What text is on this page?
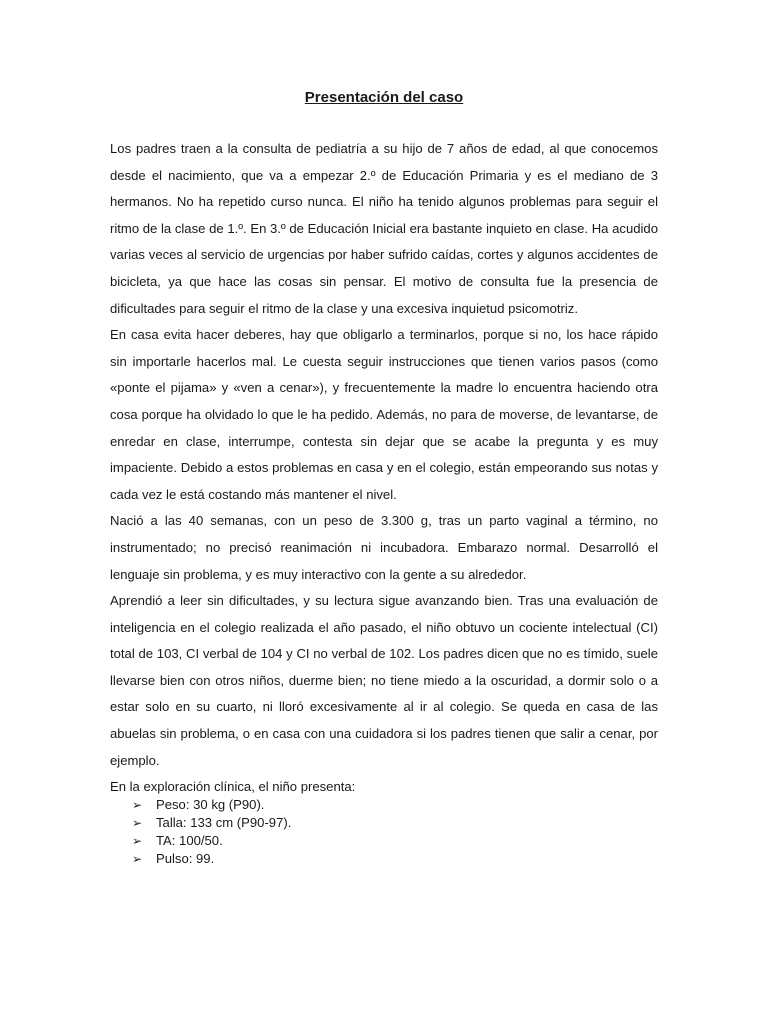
Presentación del caso

Los padres traen a la consulta de pediatría a su hijo de 7 años de edad, al que conocemos desde el nacimiento, que va a empezar 2.º de Educación Primaria y es el mediano de 3 hermanos. No ha repetido curso nunca. El niño ha tenido algunos problemas para seguir el ritmo de la clase de 1.º. En 3.º de Educación Inicial era bastante inquieto en clase. Ha acudido varias veces al servicio de urgencias por haber sufrido caídas, cortes y algunos accidentes de bicicleta, ya que hace las cosas sin pensar. El motivo de consulta fue la presencia de dificultades para seguir el ritmo de la clase y una excesiva inquietud psicomotriz.

En casa evita hacer deberes, hay que obligarlo a terminarlos, porque si no, los hace rápido sin importarle hacerlos mal. Le cuesta seguir instrucciones que tienen varios pasos (como «ponte el pijama» y «ven a cenar»), y frecuentemente la madre lo encuentra haciendo otra cosa porque ha olvidado lo que le ha pedido. Además, no para de moverse, de levantarse, de enredar en clase, interrumpe, contesta sin dejar que se acabe la pregunta y es muy impaciente. Debido a estos problemas en casa y en el colegio, están empeorando sus notas y cada vez le está costando más mantener el nivel.

Nació a las 40 semanas, con un peso de 3.300 g, tras un parto vaginal a término, no instrumentado; no precisó reanimación ni incubadora. Embarazo normal. Desarrolló el lenguaje sin problema, y es muy interactivo con la gente a su alrededor.

Aprendió a leer sin dificultades, y su lectura sigue avanzando bien. Tras una evaluación de inteligencia en el colegio realizada el año pasado, el niño obtuvo un cociente intelectual (CI) total de 103, CI verbal de 104 y CI no verbal de 102. Los padres dicen que no es tímido, suele llevarse bien con otros niños, duerme bien; no tiene miedo a la oscuridad, a dormir solo o a estar solo en su cuarto, ni lloró excesivamente al ir al colegio. Se queda en casa de las abuelas sin problema, o en casa con una cuidadora si los padres tienen que salir a cenar, por ejemplo.

En la exploración clínica, el niño presenta:

➢	Peso: 30 kg (P90).
➢	Talla: 133 cm (P90-97).
➢	TA: 100/50.
➢	Pulso: 99.
